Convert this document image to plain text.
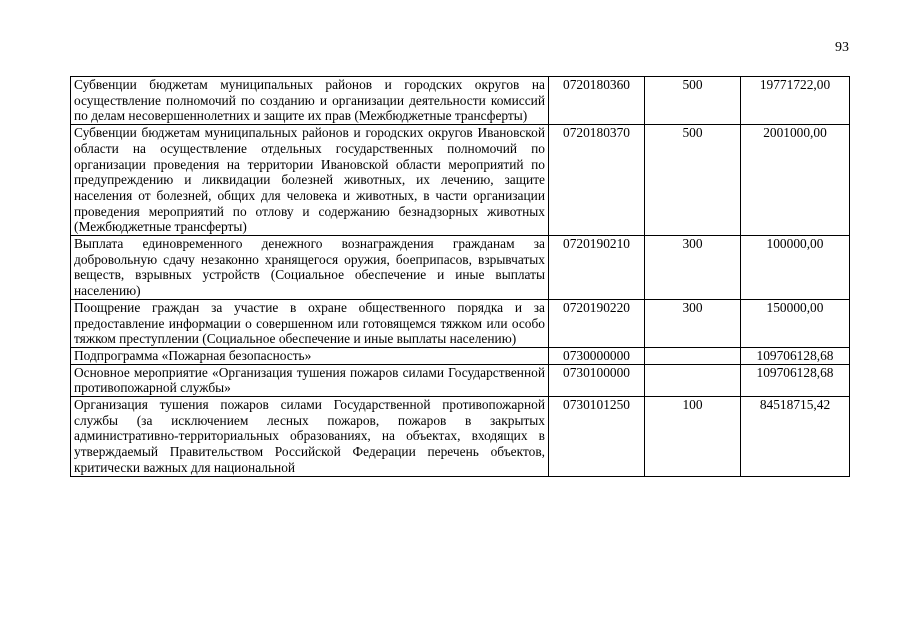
93
Субвенции бюджетам муниципальных районов и городских округов на осуществление полномочий по созданию и организации деятельности комиссий по делам несовершеннолетних и защите их прав (Межбюджетные трансферты)	0720180360	500	19771722,00
Субвенции бюджетам муниципальных районов и городских округов Ивановской области на осуществление отдельных государственных полномочий по организации проведения на территории Ивановской области мероприятий по предупреждению и ликвидации болезней животных, их лечению, защите населения от болезней, общих для человека и животных, в части организации проведения мероприятий по отлову и содержанию безнадзорных животных (Межбюджетные трансферты)	0720180370	500	2001000,00
Выплата единовременного денежного вознаграждения гражданам за добровольную сдачу незаконно хранящегося оружия, боеприпасов, взрывчатых веществ, взрывных устройств (Социальное обеспечение и иные выплаты населению)	0720190210	300	100000,00
Поощрение граждан за участие в охране общественного порядка и за предоставление информации о совершенном или готовящемся тяжком или особо тяжком преступлении (Социальное обеспечение и иные выплаты населению)	0720190220	300	150000,00
Подпрограмма «Пожарная безопасность»	0730000000		109706128,68
Основное мероприятие «Организация тушения пожаров силами Государственной противопожарной службы»	0730100000		109706128,68
Организация тушения пожаров силами Государственной противопожарной службы (за исключением лесных пожаров, пожаров в закрытых административно-территориальных образованиях, на объектах, входящих в утверждаемый Правительством Российской Федерации перечень объектов, критически важных для национальной	0730101250	100	84518715,42
